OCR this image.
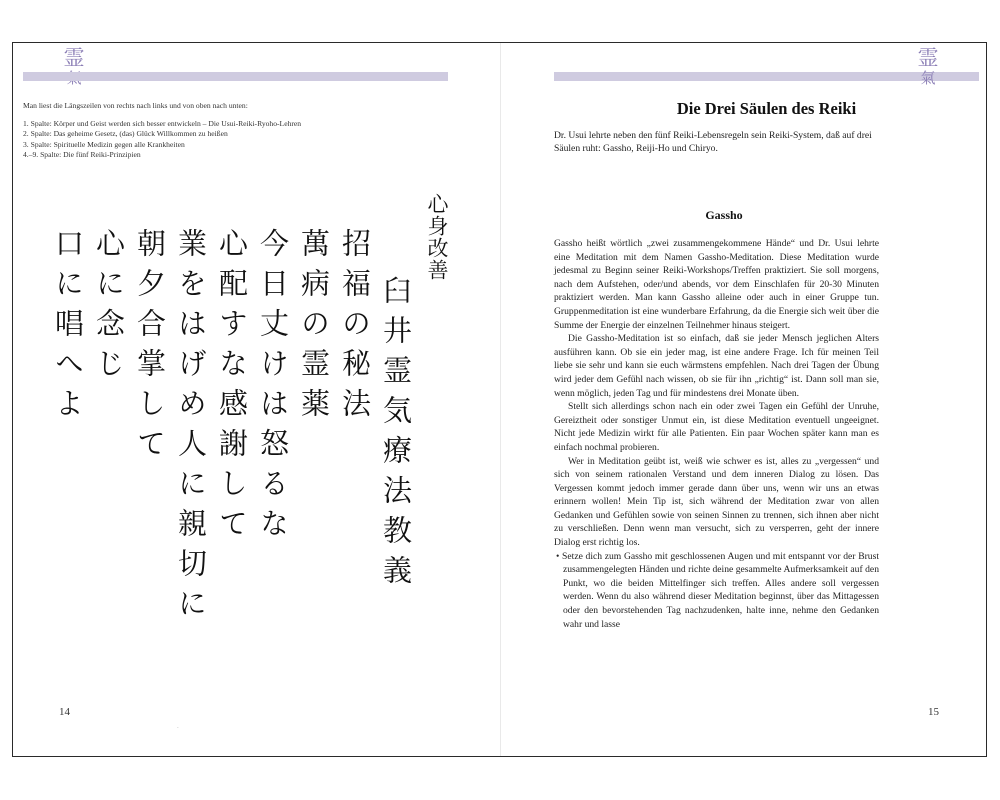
霊

Man liest die Längszeilen von rechts nach links und von oben nach unten:

1. Spalte: Körper und Geist werden sich besser entwickeln – Die Usui-Reiki-Ryoho-Lehren
2. Spalte: Das geheime Gesetz, (das) Glück Willkommen zu heißen
3. Spalte: Spirituelle Medizin gegen alle Krankheiten
4.–9. Spalte: Die fünf Reiki-Prinzipien
心身改善
臼井霊気療法教義
招福の秘法
萬病の霊薬
今日丈けは怒るな
心配すな感謝して
業をはげめ人に親切に
朝夕合掌して
心に念じ
口に唱へよ
14
.
霊
氣
Die Drei Säulen des Reiki
Dr. Usui lehrte neben den fünf Reiki-Lebensregeln sein Reiki-System, daß auf drei Säulen ruht: Gassho, Reiji-Ho und Chiryo.
Gassho

Gassho heißt wörtlich „zwei zusammengekommene Hände“ und Dr. Usui lehrte eine Meditation mit dem Namen Gassho-Meditation. Diese Meditation wurde jedesmal zu Beginn seiner Reiki-Workshops/Treffen praktiziert. Sie soll morgens, nach dem Aufstehen, oder/und abends, vor dem Einschlafen für 20-30 Minuten praktiziert werden. Man kann Gassho alleine oder auch in einer Gruppe tun. Gruppenmeditation ist eine wunderbare Erfahrung, da die Energie sich weit über die Summe der Energie der einzelnen Teilnehmer hinaus steigert.

Die Gassho-Meditation ist so einfach, daß sie jeder Mensch jeglichen Alters ausführen kann. Ob sie ein jeder mag, ist eine andere Frage. Ich für meinen Teil liebe sie sehr und kann sie euch wärmstens empfehlen. Nach drei Tagen der Übung wird jeder dem Gefühl nach wissen, ob sie für ihn „richtig“ ist. Dann soll man sie, wenn möglich, jeden Tag und für mindestens drei Monate üben.

Stellt sich allerdings schon nach ein oder zwei Tagen ein Gefühl der Unruhe, Gereiztheit oder sonstiger Unmut ein, ist diese Meditation eventuell ungeeignet. Nicht jede Medizin wirkt für alle Patienten. Ein paar Wochen später kann man es einfach nochmal probieren.

Wer in Meditation geübt ist, weiß wie schwer es ist, alles zu „vergessen“ und sich von seinem rationalen Verstand und dem inneren Dialog zu lösen. Das Vergessen kommt jedoch immer gerade dann über uns, wenn wir uns an etwas erinnern wollen! Mein Tip ist, sich während der Meditation zwar von allen Gedanken und Gefühlen sowie von seinen Sinnen zu trennen, sich ihnen aber nicht zu verschließen. Denn wenn man versucht, sich zu versperren, geht der innere Dialog erst richtig los.

• Setze dich zum Gassho mit geschlossenen Augen und mit entspannt vor der Brust zusammengelegten Händen und richte deine gesammelte Aufmerksamkeit auf den Punkt, wo die beiden Mittelfinger sich treffen. Alles andere soll vergessen werden. Wenn du also während dieser Meditation beginnst, über das Mittagessen oder den bevorstehenden Tag nachzudenken, halte inne, nehme den Gedanken wahr und lasse

15
